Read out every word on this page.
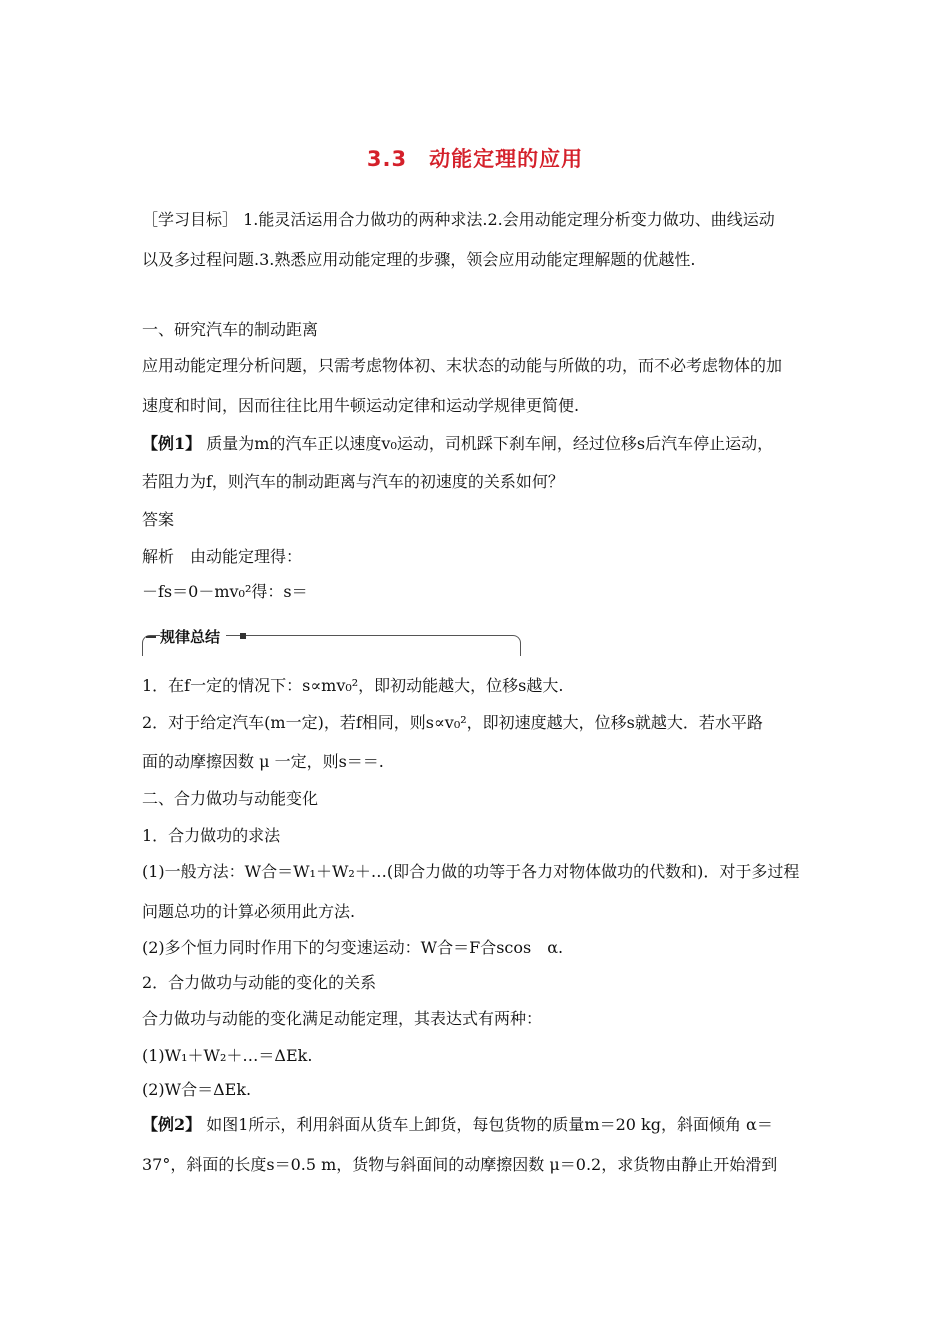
3.3　动能定理的应用
［学习目标］ 1.能灵活运用合力做功的两种求法.2.会用动能定理分析变力做功、曲线运动
以及多过程问题.3.熟悉应用动能定理的步骤，领会应用动能定理解题的优越性.
一、研究汽车的制动距离
应用动能定理分析问题，只需考虑物体初、末状态的动能与所做的功，而不必考虑物体的加
速度和时间，因而往往比用牛顿运动定律和运动学规律更简便.
【例1】 质量为m的汽车正以速度v₀运动，司机踩下刹车闸，经过位移s后汽车停止运动，
若阻力为f，则汽车的制动距离与汽车的初速度的关系如何？
答案
解析　由动能定理得：
－fs＝0－mv₀²得：s＝
规律总结
1．在f一定的情况下：s∝mv₀²，即初动能越大，位移s越大.
2．对于给定汽车(m一定)，若f相同，则s∝v₀²，即初速度越大，位移s就越大．若水平路
面的动摩擦因数 μ 一定，则s＝＝.
二、合力做功与动能变化
1．合力做功的求法
(1)一般方法：W合＝W₁＋W₂＋…(即合力做的功等于各力对物体做功的代数和)．对于多过程
问题总功的计算必须用此方法.
(2)多个恒力同时作用下的匀变速运动：W合＝F合scos　α.
2．合力做功与动能的变化的关系
合力做功与动能的变化满足动能定理，其表达式有两种：
(1)W₁＋W₂＋…＝ΔEk.
(2)W合＝ΔEk.
【例2】 如图1所示，利用斜面从货车上卸货，每包货物的质量m＝20 kg，斜面倾角 α＝
37°，斜面的长度s＝0.5 m，货物与斜面间的动摩擦因数 μ＝0.2，求货物由静止开始滑到
